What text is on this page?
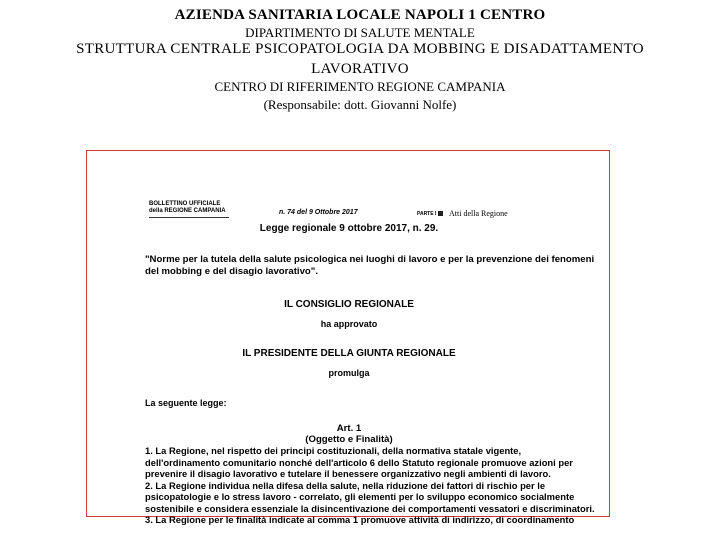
AZIENDA SANITARIA LOCALE NAPOLI 1 CENTRO
DIPARTIMENTO DI SALUTE MENTALE
STRUTTURA CENTRALE PSICOPATOLOGIA DA MOBBING E DISADATTAMENTO
LAVORATIVO
CENTRO DI RIFERIMENTO REGIONE CAMPANIA
(Responsabile: dott. Giovanni Nolfe)
BOLLETTINO UFFICIALE
della REGIONE CAMPANIA	n. 74 del 9 Ottobre 2017	PARTE I Atti della Regione
Legge regionale 9 ottobre 2017, n. 29.
"Norme per la tutela della salute psicologica nei luoghi di lavoro e per la prevenzione dei fenomeni
del mobbing e del disagio lavorativo".
IL CONSIGLIO REGIONALE
ha approvato
IL PRESIDENTE DELLA GIUNTA REGIONALE
promulga
La seguente legge:
Art. 1
(Oggetto e Finalità)
1. La Regione, nel rispetto dei principi costituzionali, della normativa statale vigente,
dell'ordinamento comunitario nonché dell'articolo 6 dello Statuto regionale promuove azioni per
prevenire il disagio lavorativo e tutelare il benessere organizzativo negli ambienti di lavoro.
2. La Regione individua nella difesa della salute, nella riduzione dei fattori di rischio per le
psicopatologie e lo stress lavoro - correlato, gli elementi per lo sviluppo economico socialmente
sostenibile e considera essenziale la disincentivazione dei comportamenti vessatori e discriminatori.
3. La Regione per le finalità indicate al comma 1 promuove attività di indirizzo, di coordinamento
